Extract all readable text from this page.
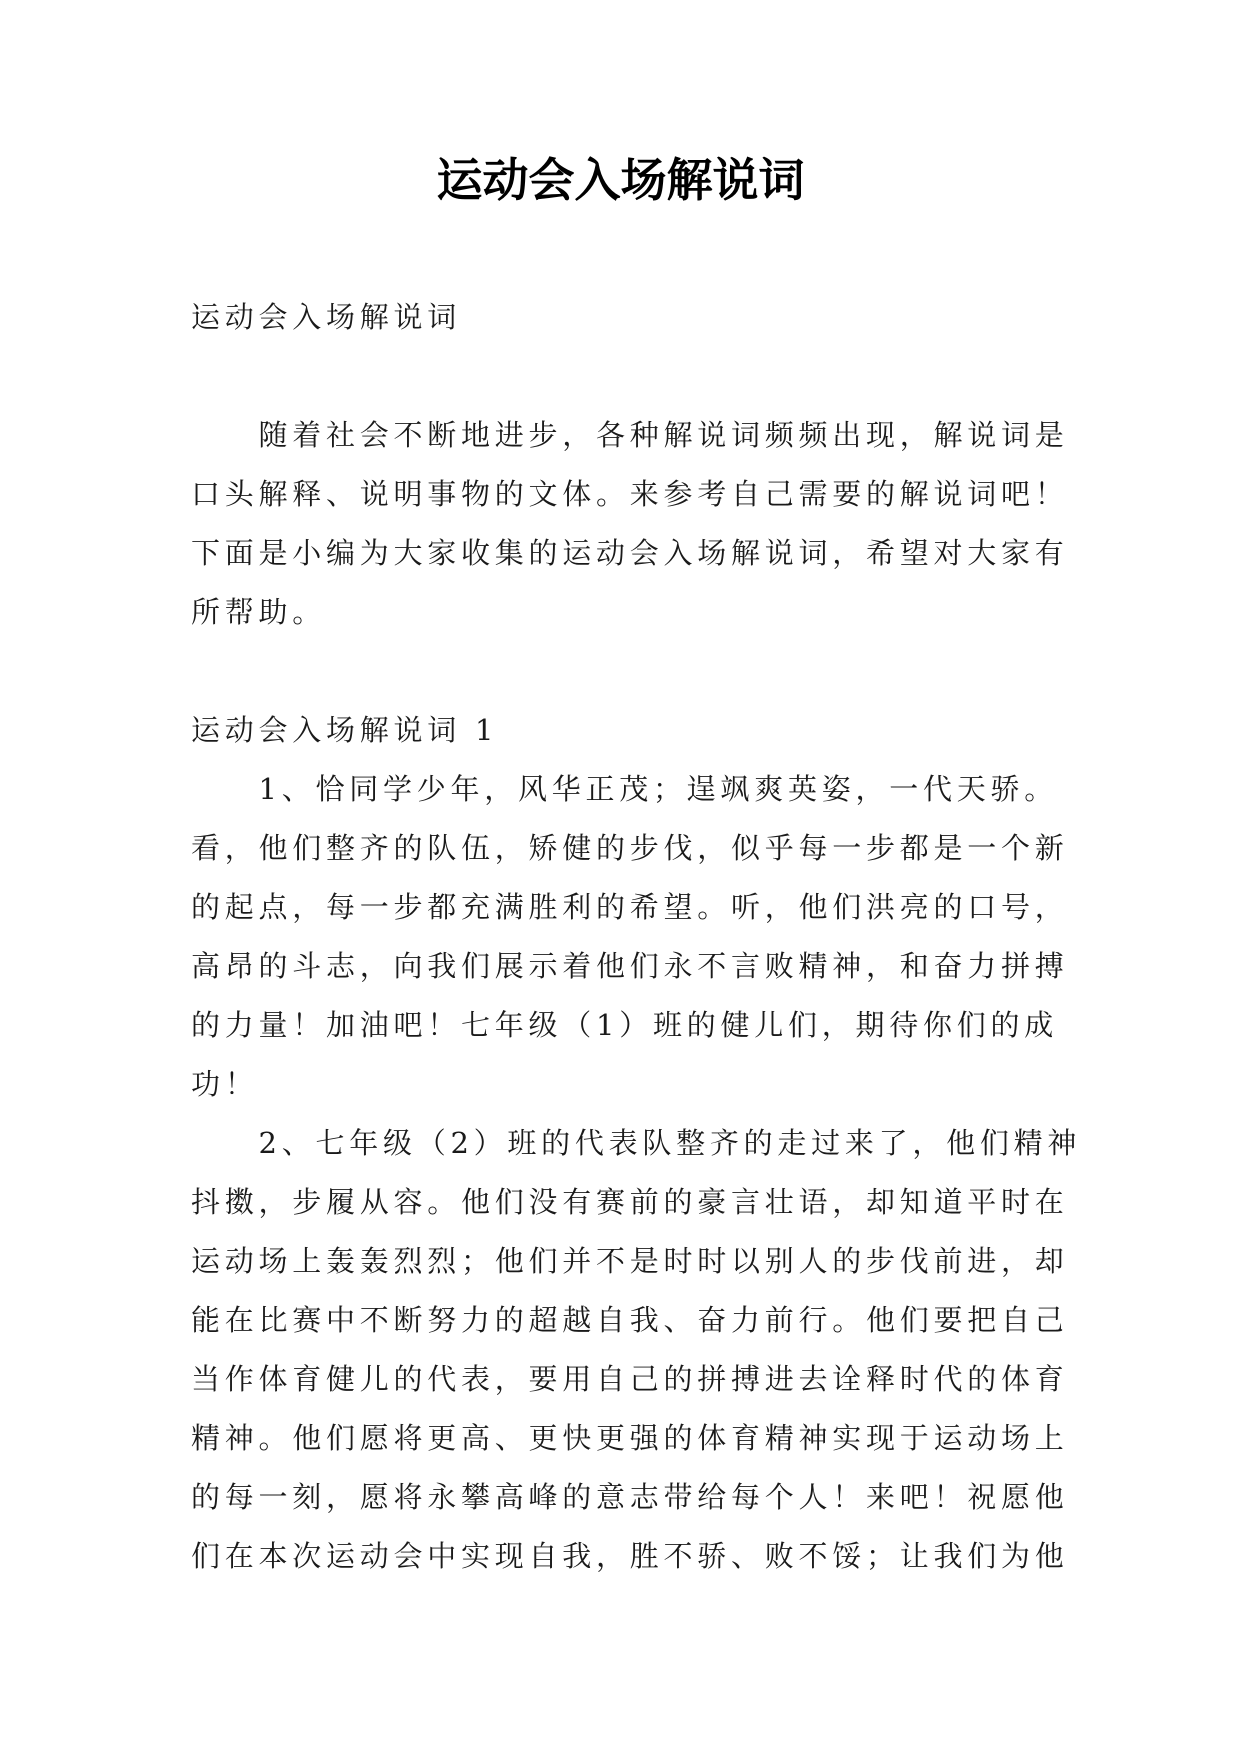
运动会入场解说词
运动会入场解说词
随着社会不断地进步，各种解说词频频出现，解说词是
口头解释、说明事物的文体。来参考自己需要的解说词吧！
下面是小编为大家收集的运动会入场解说词，希望对大家有
所帮助。
运动会入场解说词 1
1、恰同学少年，风华正茂；逞飒爽英姿，一代天骄。
看，他们整齐的队伍，矫健的步伐，似乎每一步都是一个新
的起点，每一步都充满胜利的希望。听，他们洪亮的口号，
高昂的斗志，向我们展示着他们永不言败精神，和奋力拼搏
的力量！加油吧！七年级（1）班的健儿们，期待你们的成
功！
2、七年级（2）班的代表队整齐的走过来了，他们精神
抖擞，步履从容。他们没有赛前的豪言壮语，却知道平时在
运动场上轰轰烈烈；他们并不是时时以别人的步伐前进，却
能在比赛中不断努力的超越自我、奋力前行。他们要把自己
当作体育健儿的代表，要用自己的拼搏进去诠释时代的体育
精神。他们愿将更高、更快更强的体育精神实现于运动场上
的每一刻，愿将永攀高峰的意志带给每个人！来吧！祝愿他
们在本次运动会中实现自我，胜不骄、败不馁；让我们为他
